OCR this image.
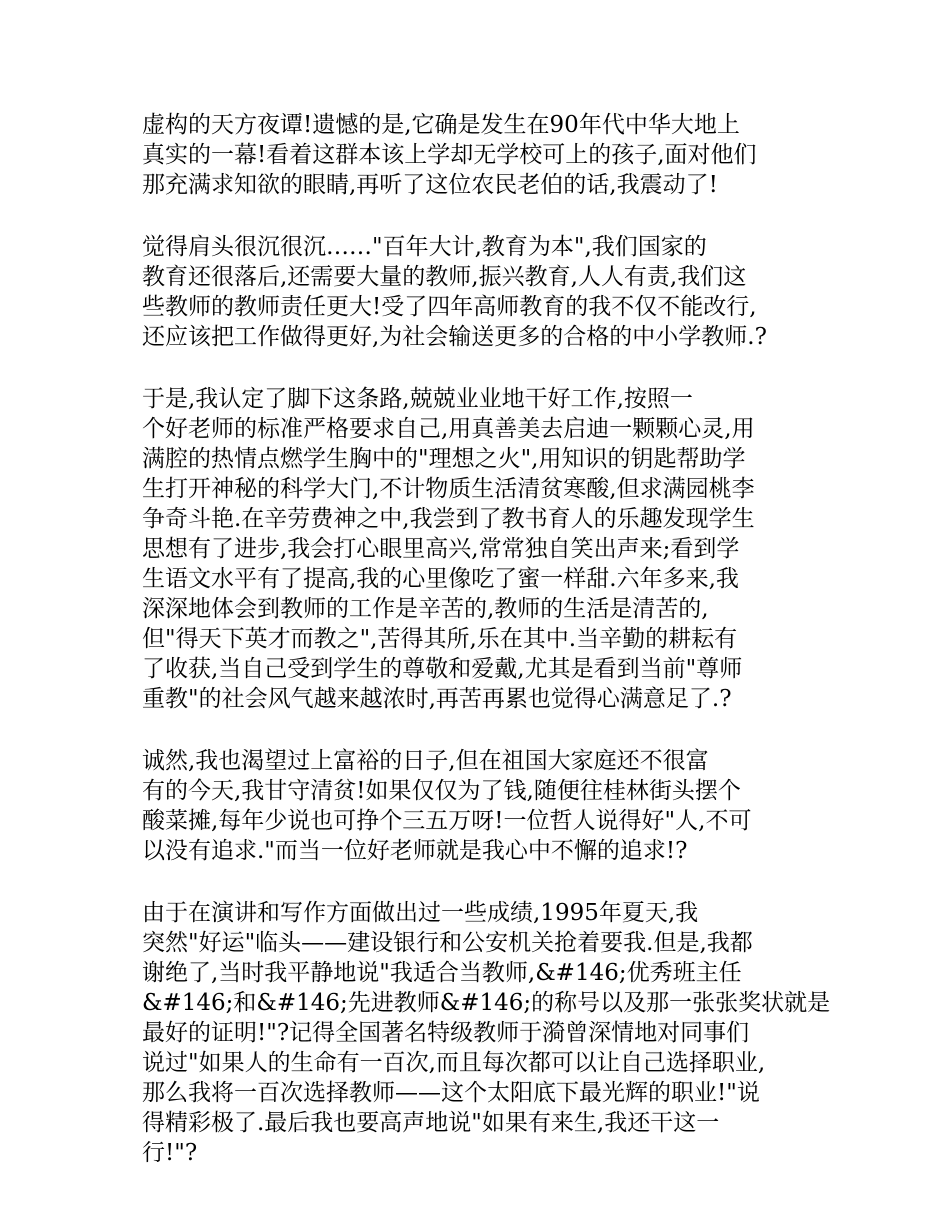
虚构的天方夜谭!遗憾的是,它确是发生在90年代中华大地上
真实的一幕!看着这群本该上学却无学校可上的孩子,面对他们
那充满求知欲的眼睛,再听了这位农民老伯的话,我震动了!
觉得肩头很沉很沉……"百年大计,教育为本",我们国家的
教育还很落后,还需要大量的教师,振兴教育,人人有责,我们这
些教师的教师责任更大!受了四年高师教育的我不仅不能改行,
还应该把工作做得更好,为社会输送更多的合格的中小学教师.?
于是,我认定了脚下这条路,兢兢业业地干好工作,按照一
个好老师的标准严格要求自己,用真善美去启迪一颗颗心灵,用
满腔的热情点燃学生胸中的"理想之火",用知识的钥匙帮助学
生打开神秘的科学大门,不计物质生活清贫寒酸,但求满园桃李
争奇斗艳.在辛劳费神之中,我尝到了教书育人的乐趣发现学生
思想有了进步,我会打心眼里高兴,常常独自笑出声来;看到学
生语文水平有了提高,我的心里像吃了蜜一样甜.六年多来,我
深深地体会到教师的工作是辛苦的,教师的生活是清苦的,
但"得天下英才而教之",苦得其所,乐在其中.当辛勤的耕耘有
了收获,当自己受到学生的尊敬和爱戴,尤其是看到当前"尊师
重教"的社会风气越来越浓时,再苦再累也觉得心满意足了.?
诚然,我也渴望过上富裕的日子,但在祖国大家庭还不很富
有的今天,我甘守清贫!如果仅仅为了钱,随便往桂林街头摆个
酸菜摊,每年少说也可挣个三五万呀!一位哲人说得好"人,不可
以没有追求."而当一位好老师就是我心中不懈的追求!?
由于在演讲和写作方面做出过一些成绩,1995年夏天,我
突然"好运"临头——建设银行和公安机关抢着要我.但是,我都
谢绝了,当时我平静地说"我适合当教师,&#146;优秀班主任
&#146;和&#146;先进教师&#146;的称号以及那一张张奖状就是
最好的证明!"?记得全国著名特级教师于漪曾深情地对同事们
说过"如果人的生命有一百次,而且每次都可以让自己选择职业,
那么我将一百次选择教师——这个太阳底下最光辉的职业!"说
得精彩极了.最后我也要高声地说"如果有来生,我还干这一
行!"?
